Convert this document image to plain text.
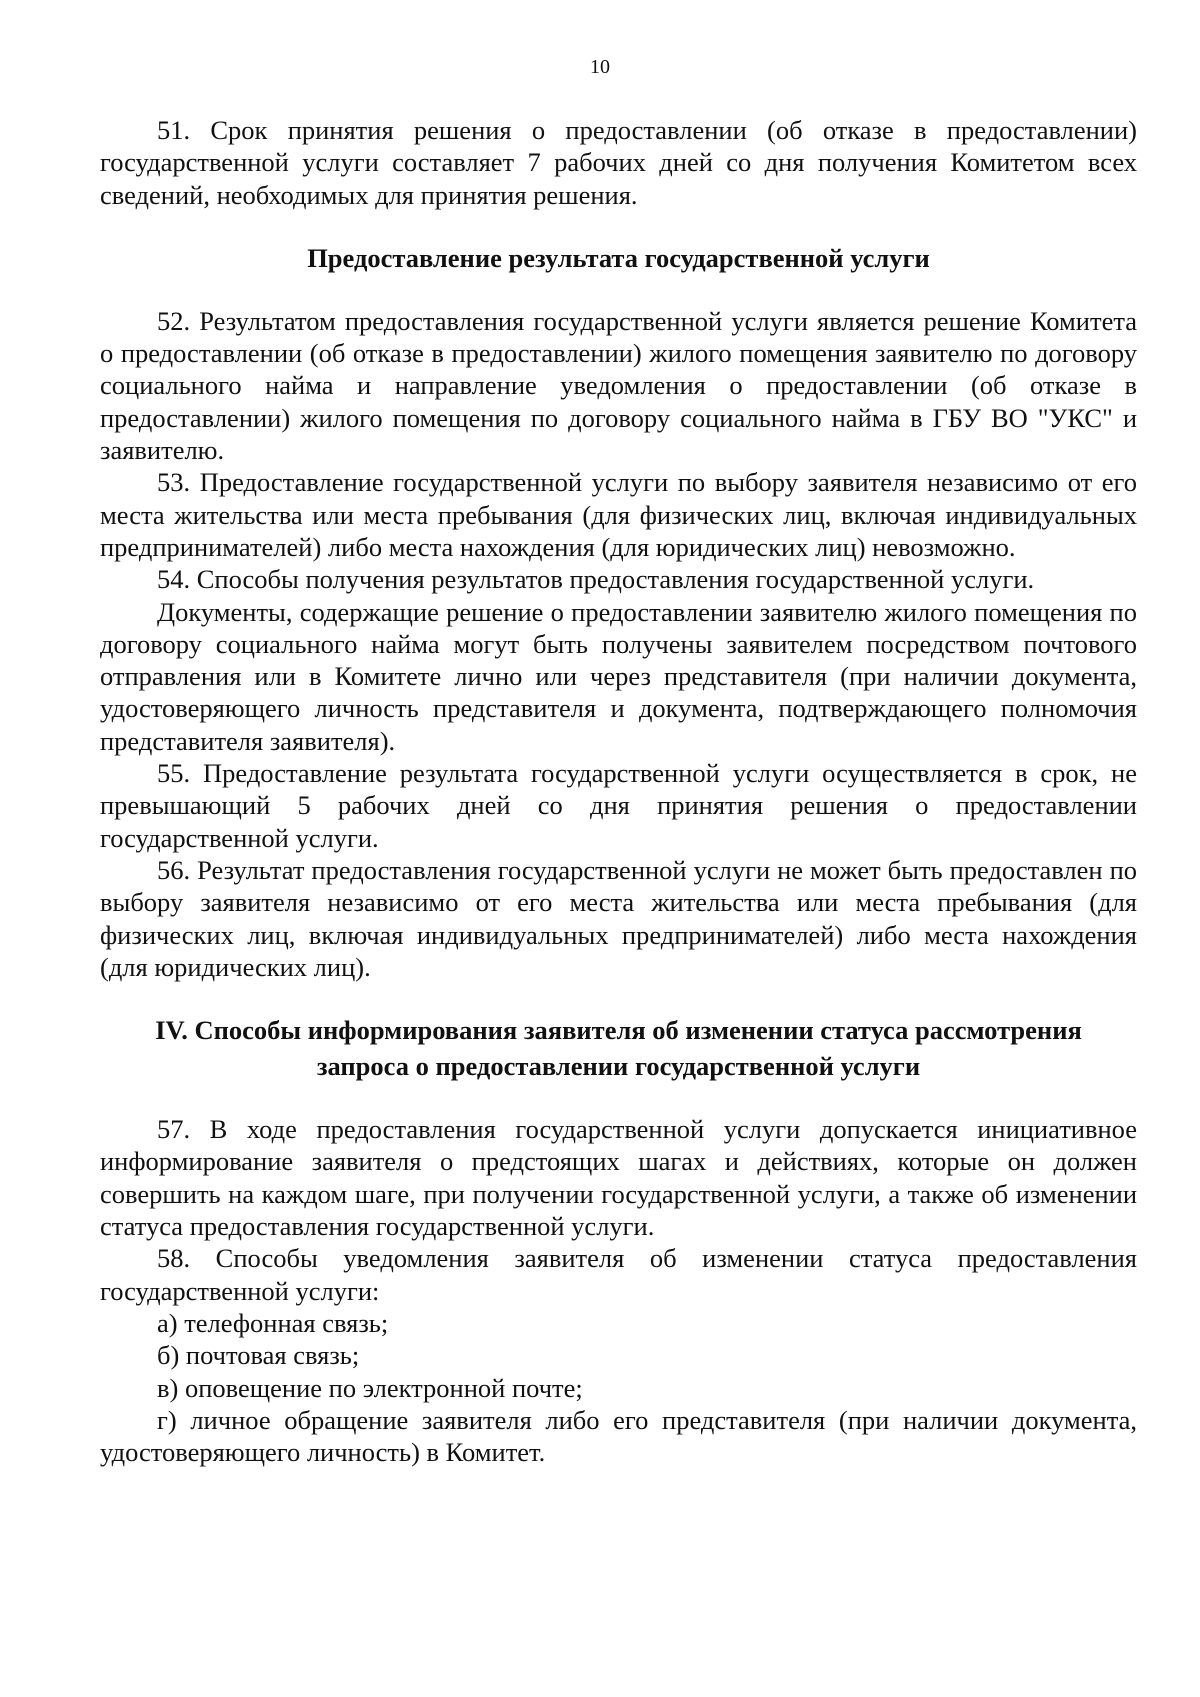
10

51. Срок принятия решения о предоставлении (об отказе в предоставлении) государственной услуги составляет 7 рабочих дней со дня получения Комитетом всех сведений, необходимых для принятия решения.

Предоставление результата государственной услуги

52. Результатом предоставления государственной услуги является решение Комитета о предоставлении (об отказе в предоставлении) жилого помещения заявителю по договору социального найма и направление уведомления о предоставлении (об отказе в предоставлении) жилого помещения по договору социального найма в ГБУ ВО "УКС" и заявителю.

53. Предоставление государственной услуги по выбору заявителя независимо от его места жительства или места пребывания (для физических лиц, включая индивидуальных предпринимателей) либо места нахождения (для юридических лиц) невозможно.

54. Способы получения результатов предоставления государственной услуги.

Документы, содержащие решение о предоставлении заявителю жилого помещения по договору социального найма могут быть получены заявителем посредством почтового отправления или в Комитете лично или через представителя (при наличии документа, удостоверяющего личность представителя и документа, подтверждающего полномочия представителя заявителя).

55. Предоставление результата государственной услуги осуществляется в срок, не превышающий 5 рабочих дней со дня принятия решения о предоставлении государственной услуги.

56. Результат предоставления государственной услуги не может быть предоставлен по выбору заявителя независимо от его места жительства или места пребывания (для физических лиц, включая индивидуальных предпринимателей) либо места нахождения (для юридических лиц).

IV. Способы информирования заявителя об изменении статуса рассмотрения
запроса о предоставлении государственной услуги

57. В ходе предоставления государственной услуги допускается инициативное информирование заявителя о предстоящих шагах и действиях, которые он должен совершить на каждом шаге, при получении государственной услуги, а также об изменении статуса предоставления государственной услуги.

58. Способы уведомления заявителя об изменении статуса предоставления государственной услуги:

а) телефонная связь;

б) почтовая связь;

в) оповещение по электронной почте;

г) личное обращение заявителя либо его представителя (при наличии документа, удостоверяющего личность) в Комитет.
